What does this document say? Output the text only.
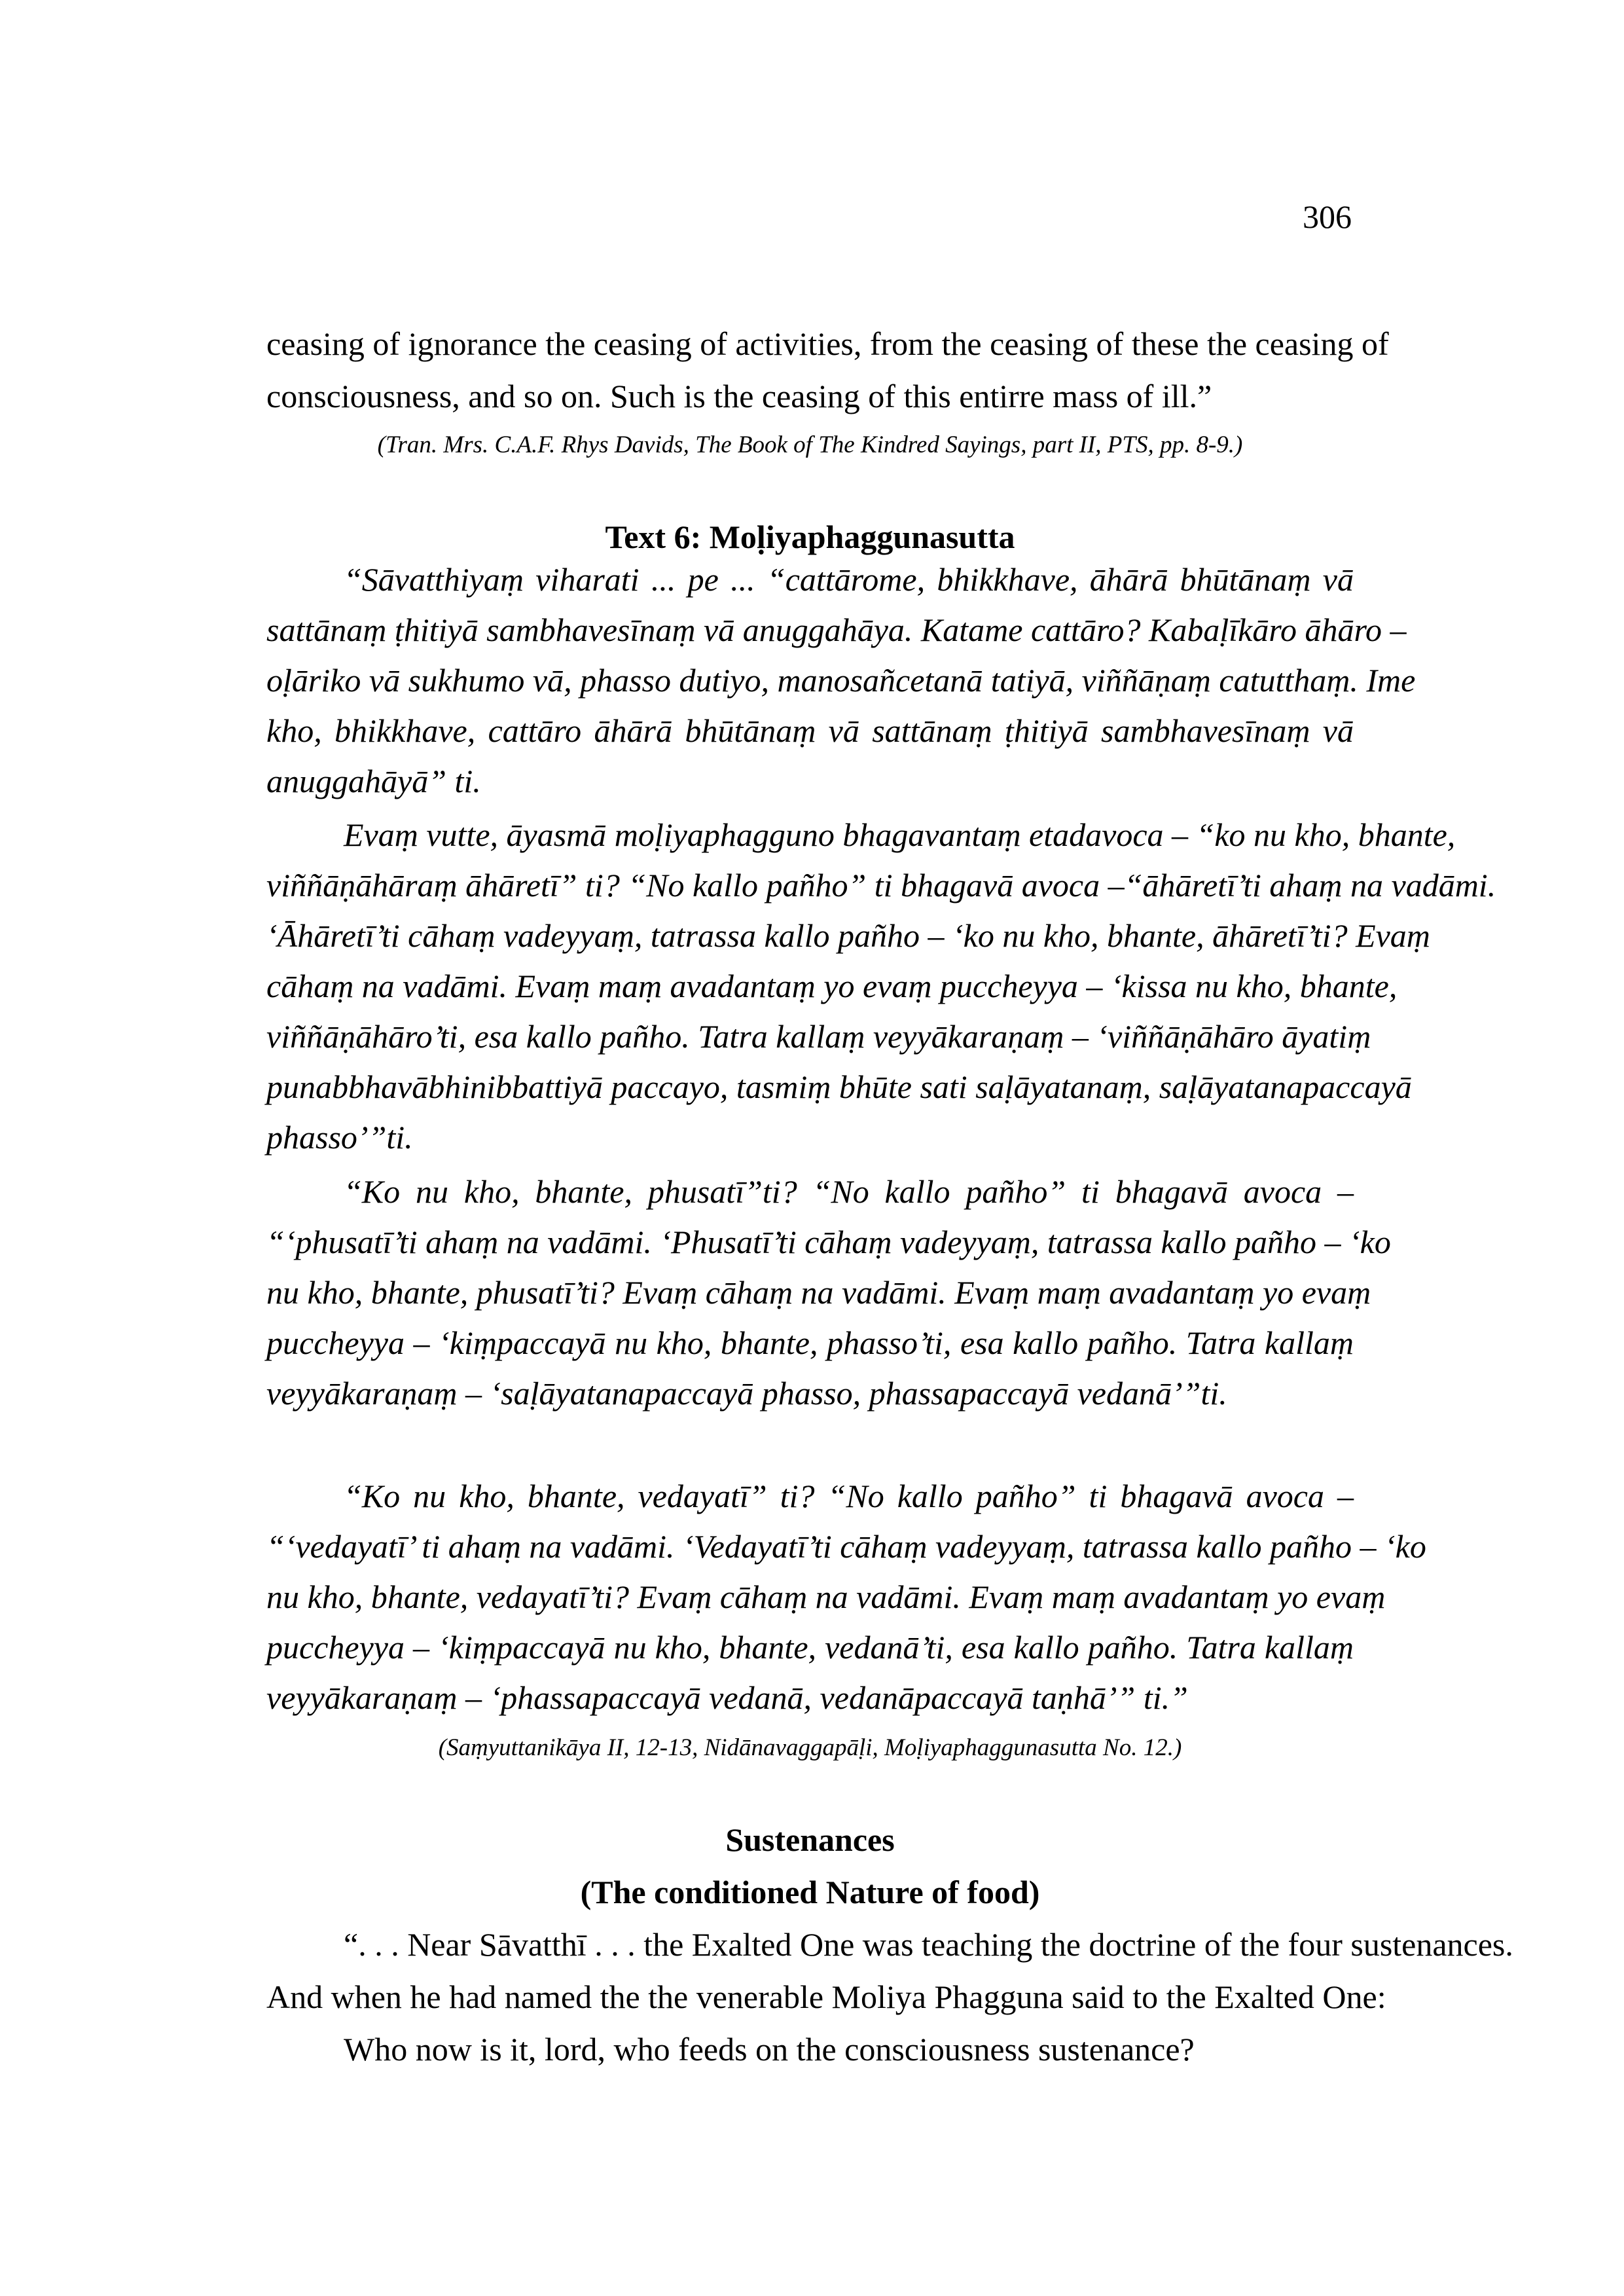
306
ceasing of ignorance the ceasing of activities, from the ceasing of these the ceasing of
consciousness, and so on. Such is the ceasing of this entirre mass of ill.”
(Tran. Mrs. C.A.F. Rhys Davids, The Book of The Kindred Sayings, part II, PTS, pp. 8-9.)
Text 6: Moḷiyaphaggunasutta
“Sāvatthiyaṃ viharati ... pe ... “cattārome, bhikkhave, āhārā bhūtānaṃ vā
sattānaṃ ṭhitiyā sambhavesīnaṃ vā anuggahāya. Katame cattāro? Kabaḷīkāro āhāro –
oḷāriko vā sukhumo vā, phasso dutiyo, manosañcetanā tatiyā, viññāṇaṃ catutthaṃ. Ime
kho, bhikkhave, cattāro āhārā bhūtānaṃ vā sattānaṃ ṭhitiyā sambhavesīnaṃ vā
anuggahāyā” ti.
Evaṃ vutte, āyasmā moḷiyaphagguno bhagavantaṃ etadavoca – “ko nu kho, bhante,
viññāṇāhāraṃ āhāretī” ti? “No kallo pañho” ti bhagavā avoca –“āhāretī’ti ahaṃ na vadāmi.
‘Āhāretī’ti cāhaṃ vadeyyaṃ, tatrassa kallo pañho – ‘ko nu kho, bhante, āhāretī’ti? Evaṃ
cāhaṃ na vadāmi. Evaṃ maṃ avadantaṃ yo evaṃ puccheyya – ‘kissa nu kho, bhante,
viññāṇāhāro’ti, esa kallo pañho. Tatra kallaṃ veyyākaraṇaṃ – ‘viññāṇāhāro āyatiṃ
punabbhavābhinibbattiyā paccayo, tasmiṃ bhūte sati saḷāyatanaṃ, saḷāyatanapaccayā
phasso’”ti.
“Ko nu kho, bhante, phusatī”ti? “No kallo pañho” ti bhagavā avoca –
“‘phusatī’ti ahaṃ na vadāmi. ‘Phusatī’ti cāhaṃ vadeyyaṃ, tatrassa kallo pañho – ‘ko
nu kho, bhante, phusatī’ti? Evaṃ cāhaṃ na vadāmi. Evaṃ maṃ avadantaṃ yo evaṃ
puccheyya – ‘kiṃpaccayā nu kho, bhante, phasso’ti, esa kallo pañho. Tatra kallaṃ
veyyākaraṇaṃ – ‘saḷāyatanapaccayā phasso, phassapaccayā vedanā’”ti.
“Ko nu kho, bhante, vedayatī” ti? “No kallo pañho” ti bhagavā avoca –
“‘vedayatī’ ti ahaṃ na vadāmi. ‘Vedayatī’ti cāhaṃ vadeyyaṃ, tatrassa kallo pañho – ‘ko
nu kho, bhante, vedayatī’ti? Evaṃ cāhaṃ na vadāmi. Evaṃ maṃ avadantaṃ yo evaṃ
puccheyya – ‘kiṃpaccayā nu kho, bhante, vedanā’ti, esa kallo pañho. Tatra kallaṃ
veyyākaraṇaṃ – ‘phassapaccayā vedanā, vedanāpaccayā taṇhā’” ti.”
(Saṃyuttanikāya II, 12-13, Nidānavaggapāḷi, Moḷiyaphaggunasutta No. 12.)
Sustenances
(The conditioned Nature of food)
“. . . Near Sāvatthī . . . the Exalted One was teaching the doctrine of the four sustenances.
And when he had named the the venerable Moliya Phagguna said to the Exalted One:
Who now is it, lord, who feeds on the consciousness sustenance?
